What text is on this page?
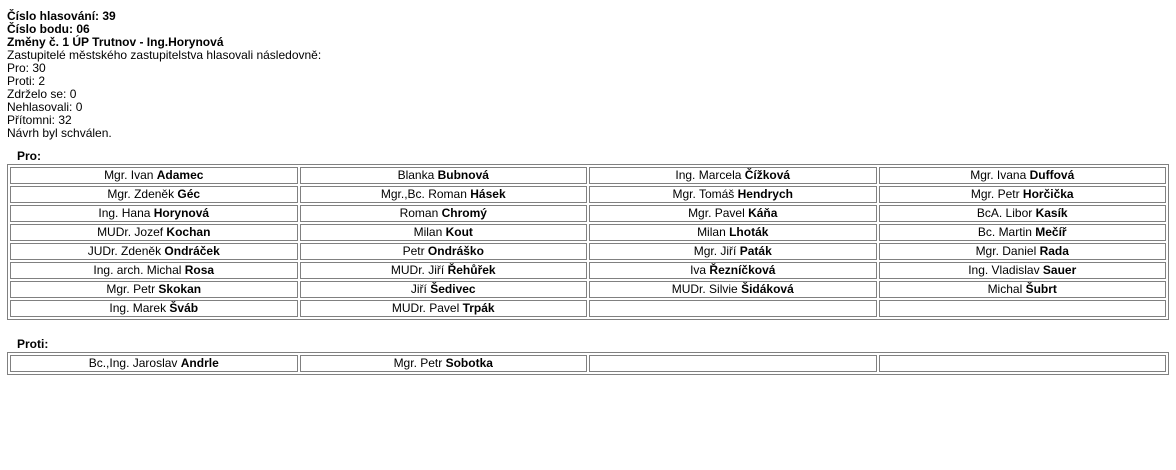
Číslo hlasování: 39
Číslo bodu: 06
Změny č. 1 ÚP Trutnov - Ing.Horynová
Zastupitelé městského zastupitelstva hlasovali následovně:
Pro: 30
Proti: 2
Zdrželo se: 0
Nehlasovali: 0
Přítomni: 32
Návrh byl schválen.
Pro:
Mgr. Ivan Adamec	Blanka Bubnová	Ing. Marcela Čížková	Mgr. Ivana Duffová
Mgr. Zdeněk Géc	Mgr.,Bc. Roman Hásek	Mgr. Tomáš Hendrych	Mgr. Petr Horčička
Ing. Hana Horynová	Roman Chromý	Mgr. Pavel Káňa	BcA. Libor Kasík
MUDr. Jozef Kochan	Milan Kout	Milan Lhoták	Bc. Martin Mečíř
JUDr. Zdeněk Ondráček	Petr Ondráško	Mgr. Jiří Paták	Mgr. Daniel Rada
Ing. arch. Michal Rosa	MUDr. Jiří Řehůřek	Iva Řezníčková	Ing. Vladislav Sauer
Mgr. Petr Skokan	Jiří Šedivec	MUDr. Silvie Šidáková	Michal Šubrt
Ing. Marek Šváb	MUDr. Pavel Trpák		
Proti:
Bc.,Ing. Jaroslav Andrle	Mgr. Petr Sobotka		
